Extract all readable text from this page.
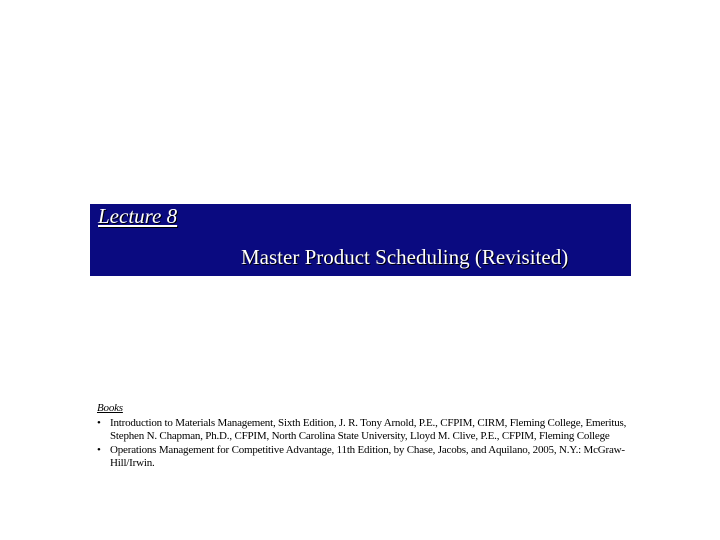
Lecture 8
Master Product Scheduling (Revisited)
Books
• Introduction to Materials Management, Sixth Edition, J. R. Tony Arnold, P.E., CFPIM, CIRM, Fleming College, Emeritus, Stephen N. Chapman, Ph.D., CFPIM, North Carolina State University, Lloyd M. Clive, P.E., CFPIM, Fleming College
• Operations Management for Competitive Advantage, 11th Edition, by Chase, Jacobs, and Aquilano, 2005, N.Y.: McGraw-Hill/Irwin.
